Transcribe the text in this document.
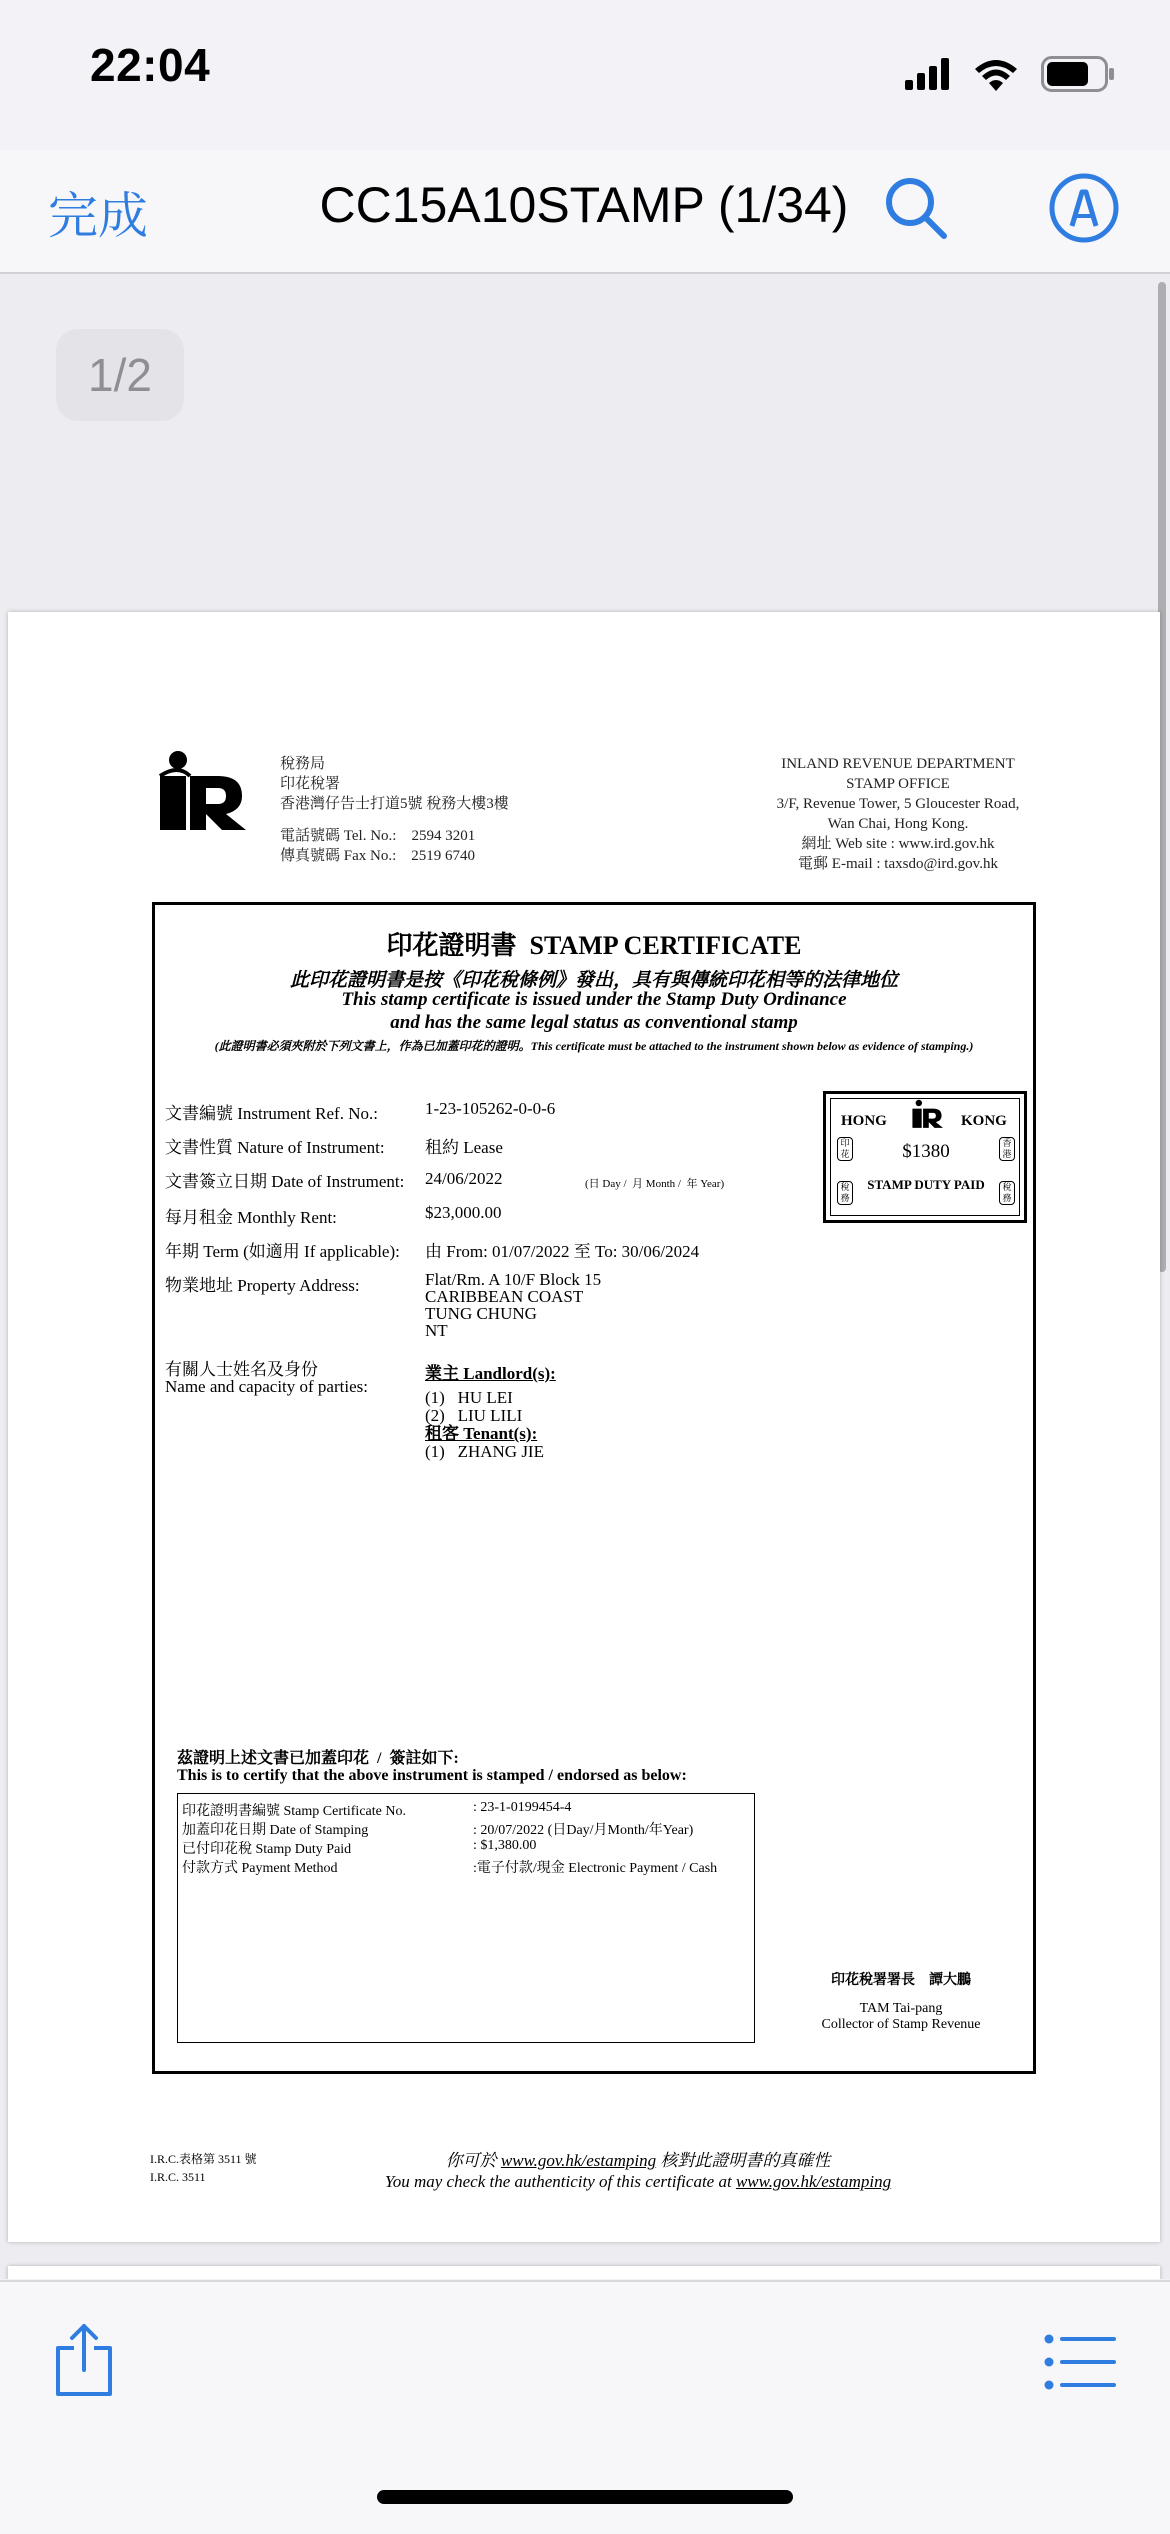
22:04
完成	CC15A10STAMP (1/34)
1/2
稅務局
印花稅署
香港灣仔告士打道5號 稅務大樓3樓
電話號碼 Tel. No.:    2594 3201
傳真號碼 Fax No.:    2519 6740
INLAND REVENUE DEPARTMENT
STAMP OFFICE
3/F, Revenue Tower, 5 Gloucester Road,
Wan Chai, Hong Kong.
網址 Web site : www.ird.gov.hk
電郵 E-mail : taxsdo@ird.gov.hk
印花證明書  STAMP CERTIFICATE
此印花證明書是按《印花稅條例》發出，具有與傳統印花相等的法律地位
This stamp certificate is issued under the Stamp Duty Ordinance
and has the same legal status as conventional stamp
(此證明書必須夾附於下列文書上，作為已加蓋印花的證明。This certificate must be attached to the instrument shown below as evidence of stamping.)
文書編號 Instrument Ref. No.:	1-23-105262-0-0-6
文書性質 Nature of Instrument: 租約 Lease
文書簽立日期 Date of Instrument: 24/06/2022	(日 Day /  月 Month /  年 Year)
每月租金 Monthly Rent:	$23,000.00
年期 Term (如適用 If applicable): 由 From: 01/07/2022 至 To: 30/06/2024
物業地址 Property Address:	Flat/Rm. A 10/F Block 15
CARIBBEAN COAST
TUNG CHUNG
NT
有關人士姓名及身份
Name and capacity of parties:
業主 Landlord(s):
(1)   HU LEI
(2)   LIU LILI
租客 Tenant(s):
(1)   ZHANG JIE
HONG	KONG
印花
香港
$1380
STAMP DUTY PAID
稅務
稅務
茲證明上述文書已加蓋印花  /  簽註如下:
This is to certify that the above instrument is stamped / endorsed as below:
印花證明書編號 Stamp Certificate No.	: 23-1-0199454-4
加蓋印花日期 Date of Stamping	: 20/07/2022 (日Day/月Month/年Year)
已付印花稅 Stamp Duty Paid	: $1,380.00
付款方式 Payment Method	:電子付款/現金 Electronic Payment / Cash
印花稅署署長    譚大鵬
TAM Tai-pang
Collector of Stamp Revenue
I.R.C.表格第 3511 號
I.R.C. 3511
你可於 www.gov.hk/estamping 核對此證明書的真確性
You may check the authenticity of this certificate at www.gov.hk/estamping
